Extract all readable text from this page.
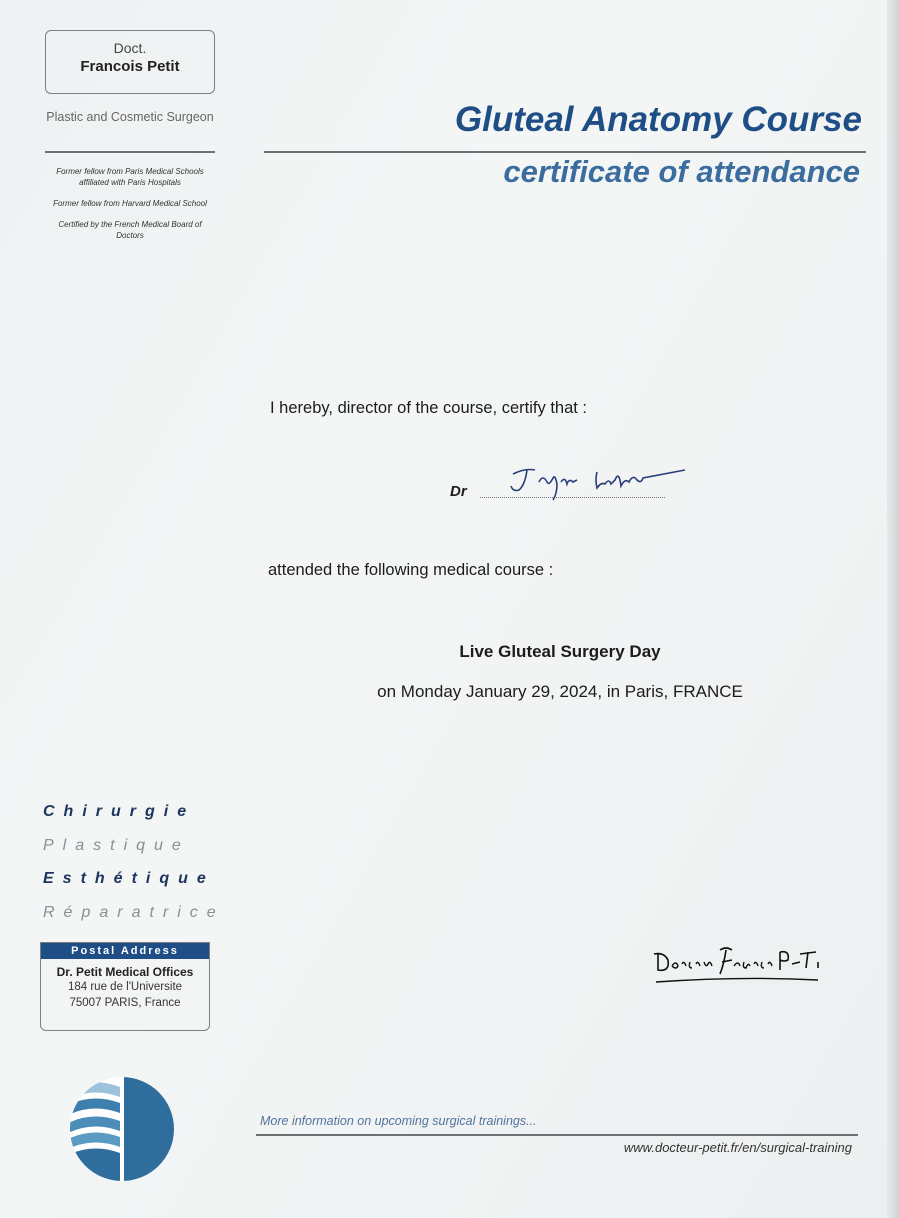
Doct.
Francois Petit
Plastic and Cosmetic Surgeon
Former fellow from Paris Medical Schools affiliated with Paris Hospitals
Former fellow from Harvard Medical School
Certified by the French Medical Board of Doctors
Gluteal Anatomy Course
certificate of attendance
I hereby, director of the course, certify that :
Dr
attended the following medical course :
Live Gluteal Surgery Day
on Monday January 29, 2024, in Paris, FRANCE
Chirurgie
Plastique
Esthétique
Réparatrice
Postal Address
Dr. Petit Medical Offices
184 rue de l'Universite
75007 PARIS, France
More information on upcoming surgical trainings...
www.docteur-petit.fr/en/surgical-training
